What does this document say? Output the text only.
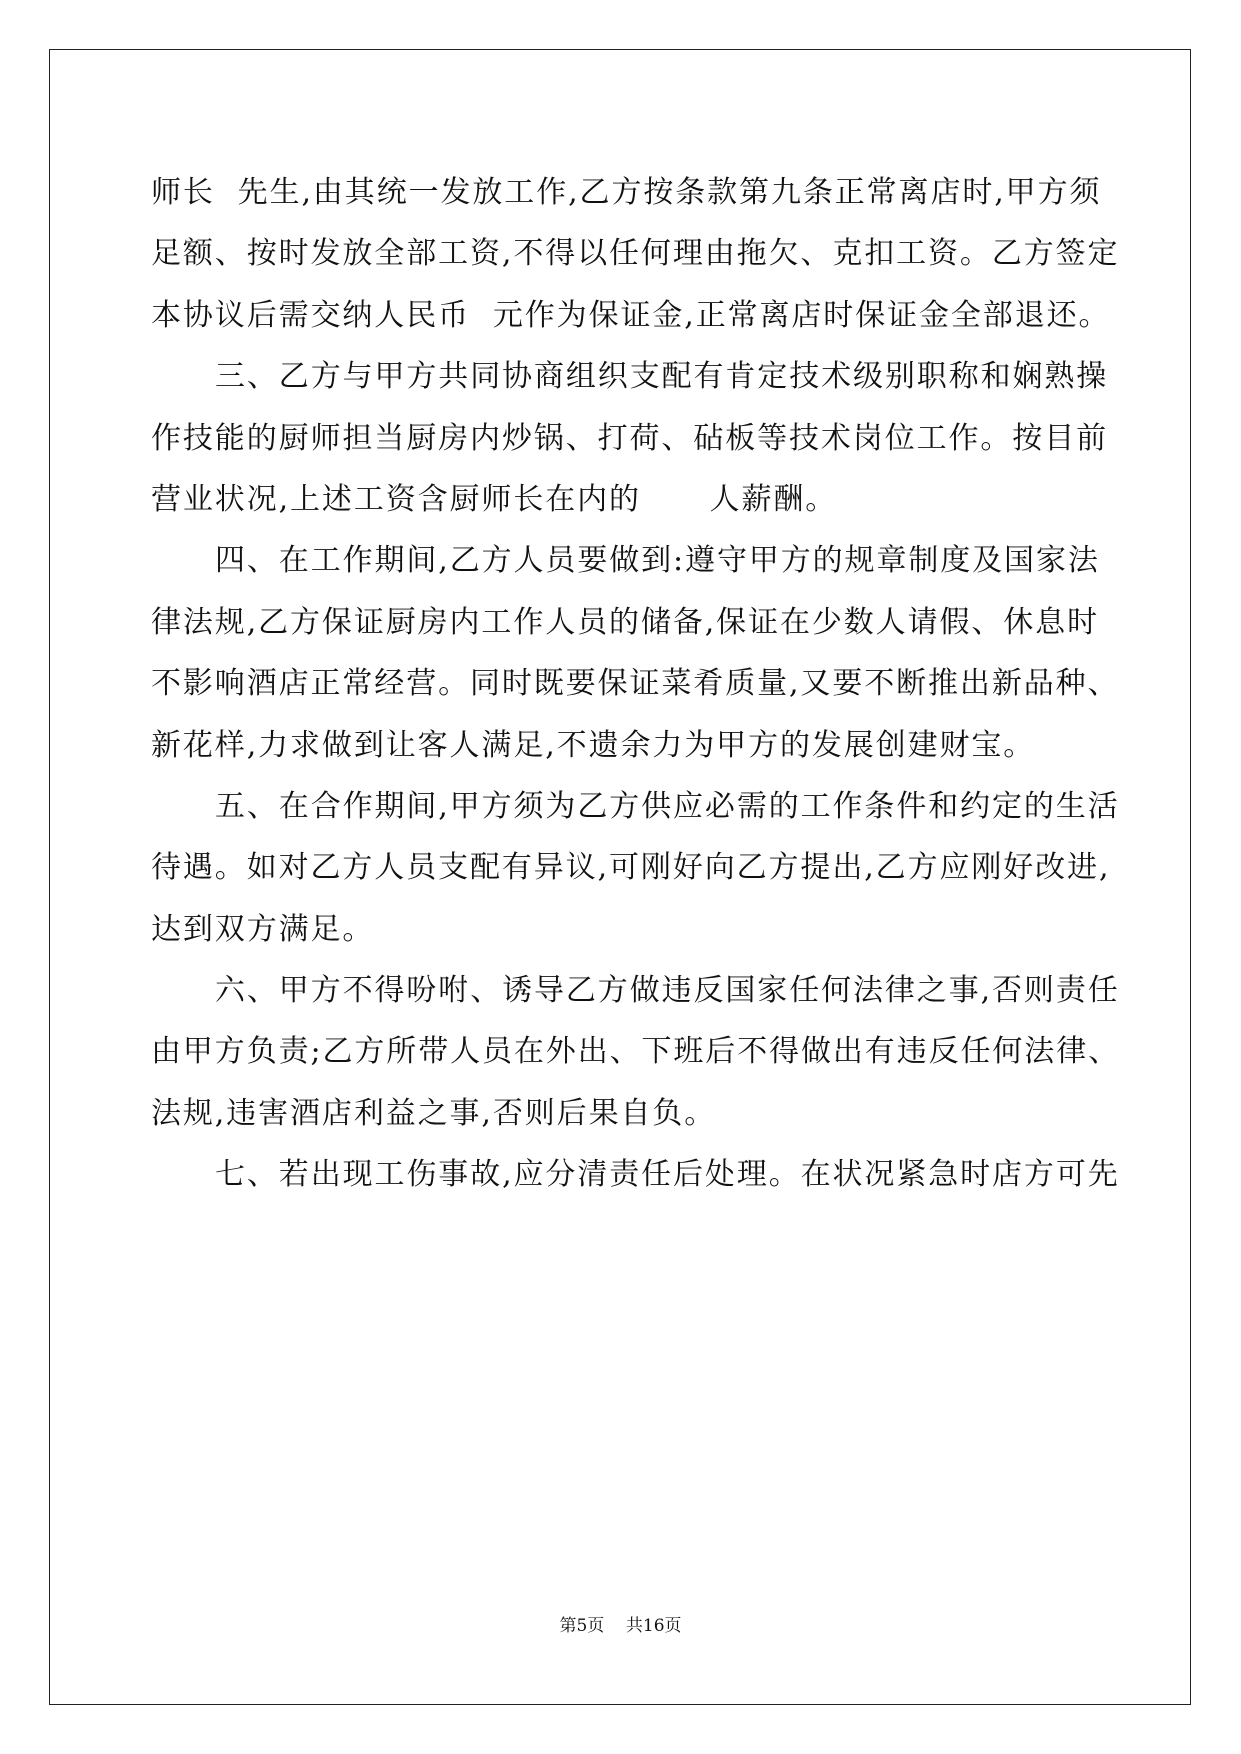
师长  先生,由其统一发放工作,乙方按条款第九条正常离店时,甲方须
足额、按时发放全部工资,不得以任何理由拖欠、克扣工资。乙方签定
本协议后需交纳人民币  元作为保证金,正常离店时保证金全部退还。
三、乙方与甲方共同协商组织支配有肯定技术级别职称和娴熟操
作技能的厨师担当厨房内炒锅、打荷、砧板等技术岗位工作。按目前
营业状况,上述工资含厨师长在内的      人薪酬。
四、在工作期间,乙方人员要做到:遵守甲方的规章制度及国家法
律法规,乙方保证厨房内工作人员的储备,保证在少数人请假、休息时
不影响酒店正常经营。同时既要保证菜肴质量,又要不断推出新品种、
新花样,力求做到让客人满足,不遗余力为甲方的发展创建财宝。
五、在合作期间,甲方须为乙方供应必需的工作条件和约定的生活
待遇。如对乙方人员支配有异议,可刚好向乙方提出,乙方应刚好改进,
达到双方满足。
六、甲方不得吩咐、诱导乙方做违反国家任何法律之事,否则责任
由甲方负责;乙方所带人员在外出、下班后不得做出有违反任何法律、
法规,违害酒店利益之事,否则后果自负。
七、若出现工伤事故,应分清责任后处理。在状况紧急时店方可先
第5页    共16页
